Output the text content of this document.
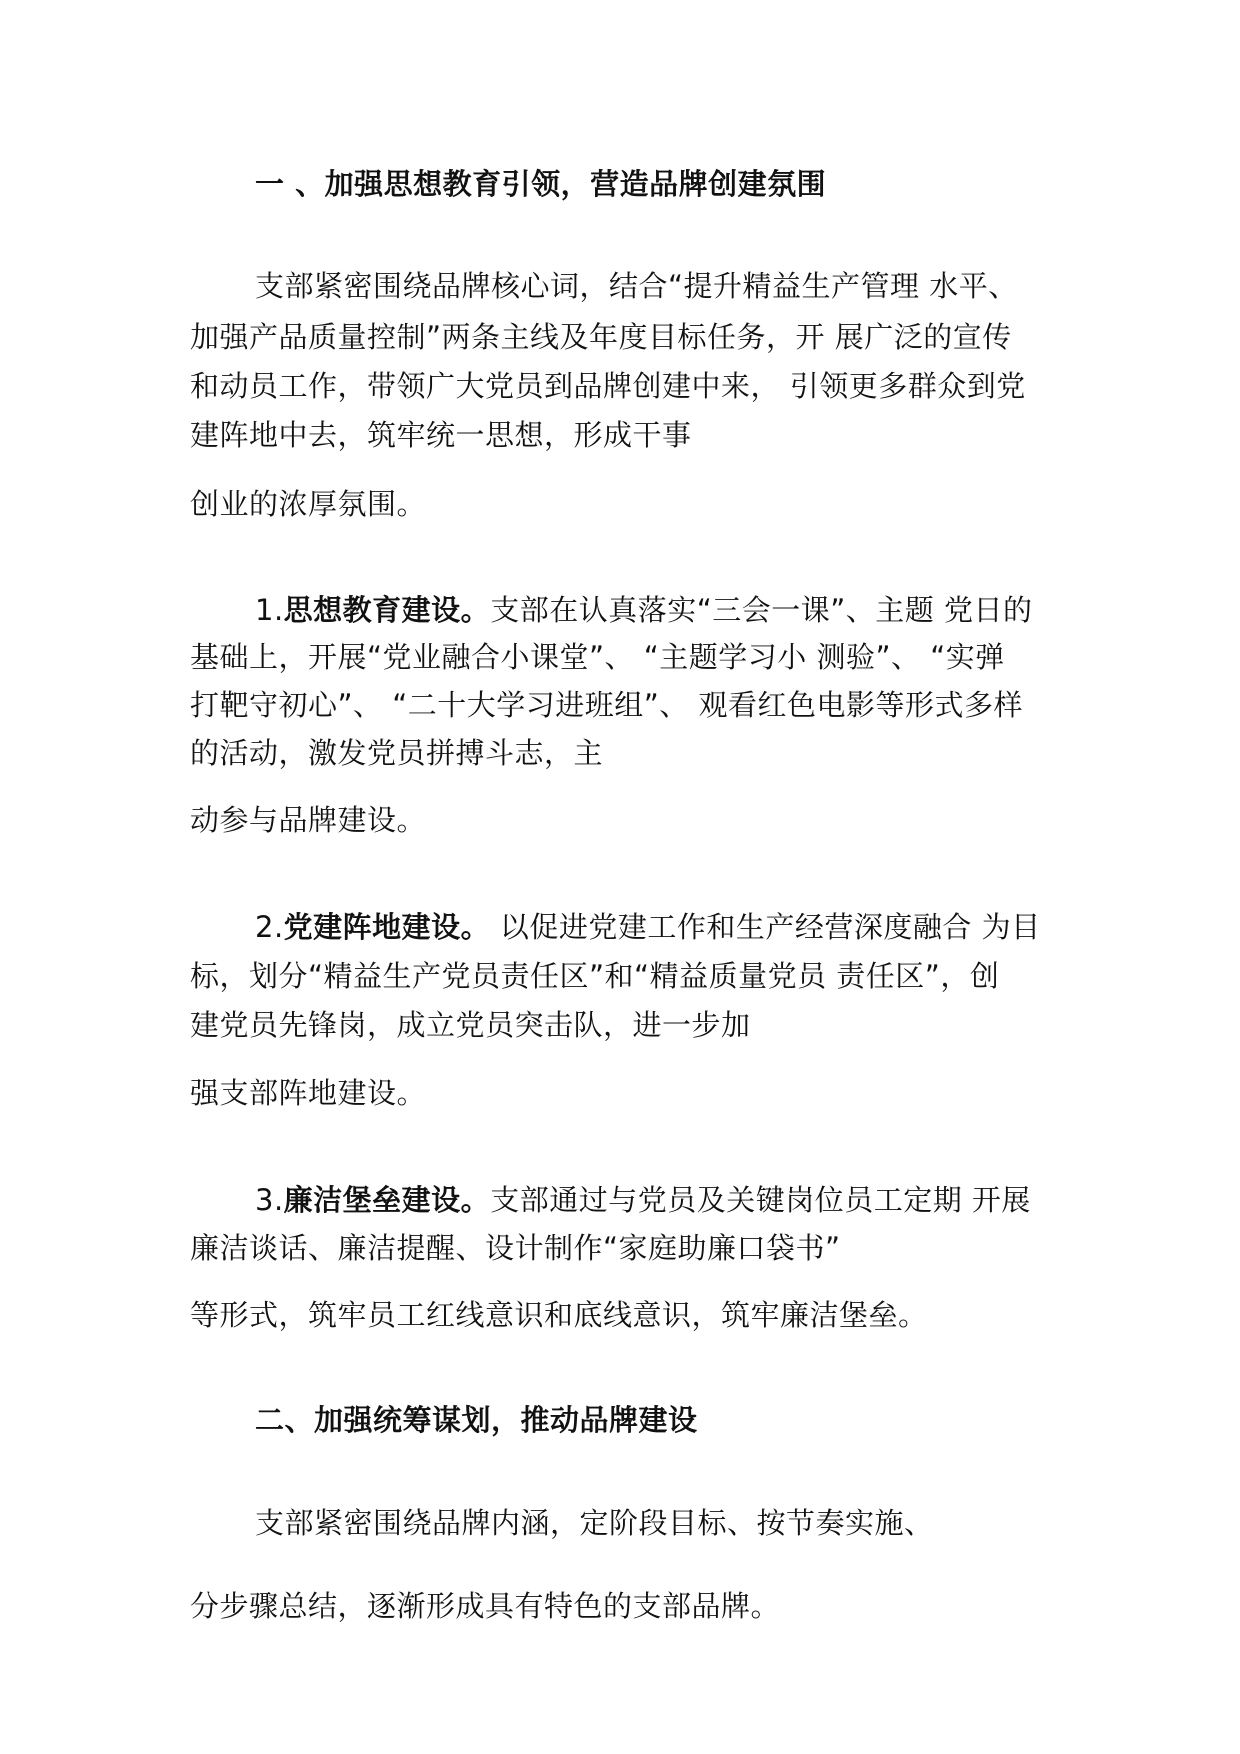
一 、加强思想教育引领，营造品牌创建氛围
支部紧密围绕品牌核心词，结合“提升精益生产管理 水平、
加强产品质量控制”两条主线及年度目标任务，开 展广泛的宣传
和动员工作，带领广大党员到品牌创建中来， 引领更多群众到党
建阵地中去，筑牢统一思想，形成干事
创业的浓厚氛围。
1.思想教育建设。支部在认真落实“三会一课”、主题 党日的
基础上，开展“党业融合小课堂”、 “主题学习小 测验”、 “实弹
打靶守初心”、 “二十大学习进班组”、 观看红色电影等形式多样
的活动，激发党员拼搏斗志，主
动参与品牌建设。
2.党建阵地建设。 以促进党建工作和生产经营深度融合 为目
标，划分“精益生产党员责任区”和“精益质量党员 责任区”，创
建党员先锋岗，成立党员突击队，进一步加
强支部阵地建设。
3.廉洁堡垒建设。支部通过与党员及关键岗位员工定期 开展
廉洁谈话、廉洁提醒、设计制作“家庭助廉口袋书”
等形式，筑牢员工红线意识和底线意识，筑牢廉洁堡垒。
二、加强统筹谋划，推动品牌建设
支部紧密围绕品牌内涵，定阶段目标、按节奏实施、
分步骤总结，逐渐形成具有特色的支部品牌。
